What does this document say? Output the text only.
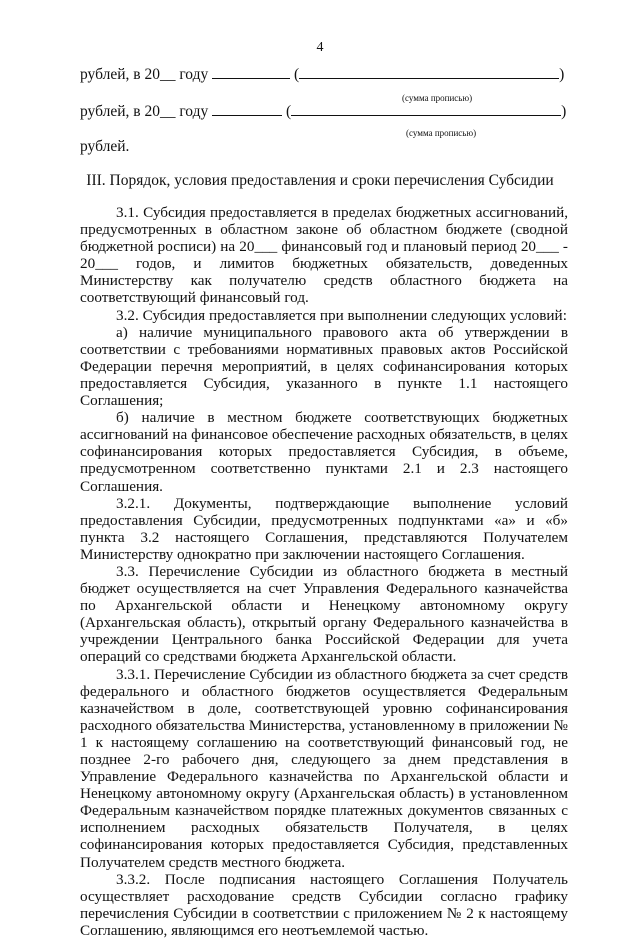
4
рублей, в 20__ году	(	)
(сумма прописью)
рублей, в 20__ году	(	)
(сумма прописью)
рублей.
III. Порядок, условия предоставления и сроки перечисления Субсидии

3.1. Субсидия предоставляется в пределах бюджетных ассигнований, предусмотренных в областном законе об областном бюджете (сводной бюджетной росписи) на 20___ финансовый год и плановый период 20___ - 20___ годов, и лимитов бюджетных обязательств, доведенных Министерству как получателю средств областного бюджета на соответствующий финансовый год.

3.2. Субсидия предоставляется при выполнении следующих условий:

а) наличие муниципального правового акта об утверждении в соответствии с требованиями нормативных правовых актов Российской Федерации перечня мероприятий, в целях софинансирования которых предоставляется Субсидия, указанного в пункте 1.1 настоящего Соглашения;

б) наличие в местном бюджете соответствующих бюджетных ассигнований на финансовое обеспечение расходных обязательств, в целях софинансирования которых предоставляется Субсидия, в объеме, предусмотренном соответственно пунктами 2.1 и 2.3 настоящего Соглашения.

3.2.1. Документы, подтверждающие выполнение условий предоставления Субсидии, предусмотренных подпунктами «а» и «б» пункта 3.2 настоящего Соглашения, представляются Получателем Министерству однократно при заключении настоящего Соглашения.

3.3. Перечисление Субсидии из областного бюджета в местный бюджет осуществляется на счет Управления Федерального казначейства по Архангельской области и Ненецкому автономному округу (Архангельская область), открытый органу Федерального казначейства в учреждении Центрального банка Российской Федерации для учета операций со средствами бюджета Архангельской области.

3.3.1. Перечисление Субсидии из областного бюджета за счет средств федерального и областного бюджетов осуществляется Федеральным казначейством в доле, соответствующей уровню софинансирования расходного обязательства Министерства, установленному в приложении № 1 к настоящему соглашению на соответствующий финансовый год, не позднее 2-го рабочего дня, следующего за днем представления в Управление Федерального казначейства по Архангельской области и Ненецкому автономному округу (Архангельская область) в установленном Федеральным казначейством порядке платежных документов связанных с исполнением расходных обязательств Получателя, в целях софинансирования которых предоставляется Субсидия, представленных Получателем средств местного бюджета.

3.3.2. После подписания настоящего Соглашения Получатель осуществляет расходование средств Субсидии согласно графику перечисления Субсидии в соответствии с приложением № 2 к настоящему Соглашению, являющимся его неотъемлемой частью.
